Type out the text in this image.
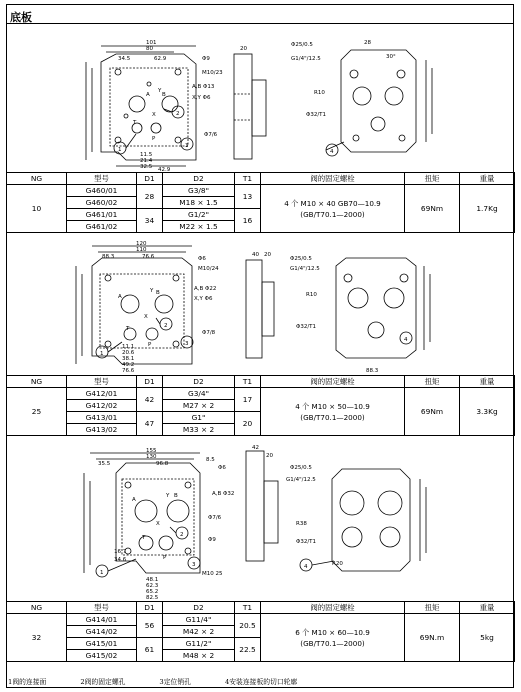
底板
101
80
34.5	62.9	Φ9
M10/23
A,B Φ13
X,Y Φ6
Φ7/6
Φ25/0.5
G1/4"/12.5
R10
Φ32/T1
28
30°
20
11.5
21.4
32.5 42.9
T
A B
X
Y
P
1
2
3
4
NG	型号	D1	D2	T1	阀的固定螺栓	扭矩	重量
10	G460/01	28	G3/8"	13	4 个 M10 × 40 GB70—10.9
(GB/T70.1—2000)	69Nm	1.7Kg
	G460/02		M18 × 1.5				
	G461/01	34	G1/2"	16			
	G461/02		M22 × 1.5				
120
110
88.3	76.6	Φ6
M10/24
A,B Φ22
X,Y Φ6
Φ7/8
Φ25/0.5
G1/4"/12.5
R10
Φ32/T1
40 20
11.1
20.6
38.1
49.2
76.6	88.3
T
A
B
X
Y
P
1
2
3
4
NG	型号	D1	D2	T1	阀的固定螺栓	扭矩	重量
25	G412/01	42	G3/4"	17	4 个 M10 × 50—10.9
(GB/T70.1—2000)	69Nm	3.3Kg
	G412/02		M27 × 2				
	G413/01	47	G1"	20			
	G413/02		M33 × 2				
155
130
35.5	96.8
8.5
Φ6
A,B Φ32
Φ7/6
Φ9
M10 25
Φ25/0.5
G1/4"/12.5
R38
Φ32/T1
R20
42
20
16.7
34.6
48.1
62.3
65.2
82.5
T
A
B
X
Y
P
1
2
3	4
NG	型号	D1	D2	T1	阀的固定螺栓	扭矩	重量
32	G414/01	56	G11/4"	20.5	6 个 M10 × 60—10.9
(GB/T70.1—2000)	69N.m	5kg
	G414/02		M42 × 2				
	G415/01	61	G11/2"	22.5			
	G415/02		M48 × 2				
1阀的连接面	2阀的固定螺孔	3定位销孔	4安装连接板的切口轮廓
